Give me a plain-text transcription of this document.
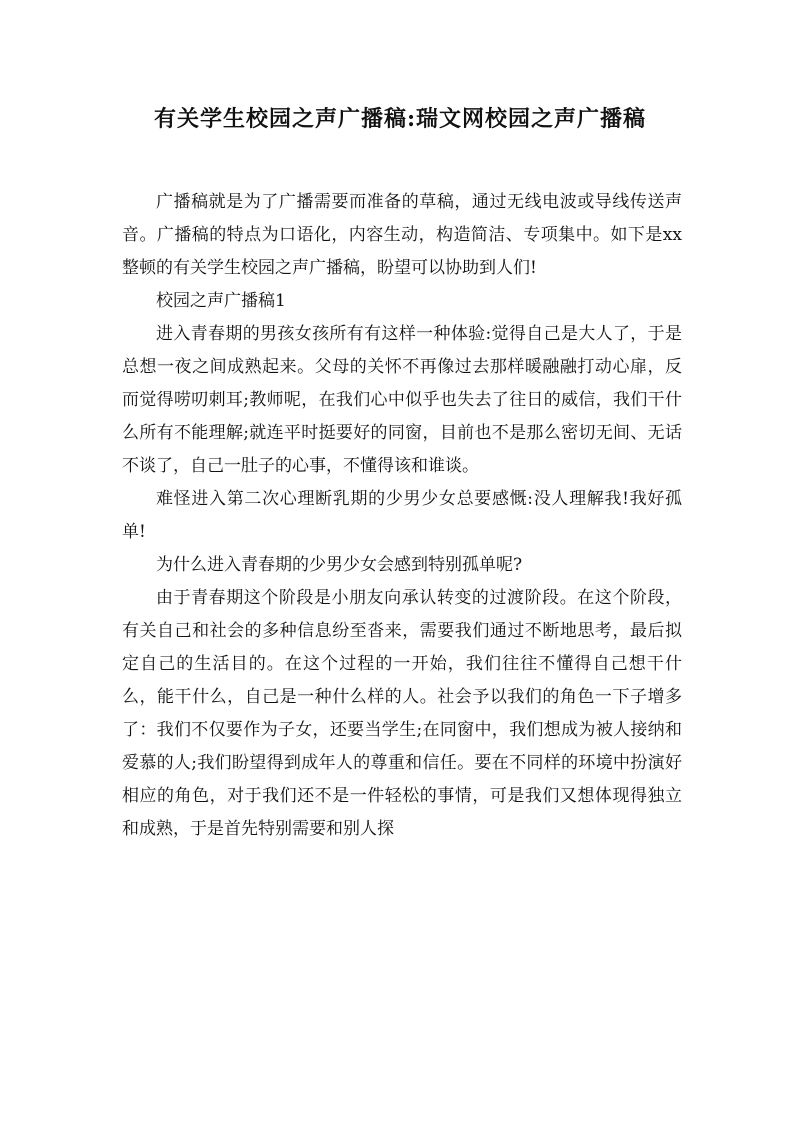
有关学生校园之声广播稿:瑞文网校园之声广播稿

广播稿就是为了广播需要而准备的草稿，通过无线电波或导线传送声音。广播稿的特点为口语化，内容生动，构造简洁、专项集中。如下是xx整顿的有关学生校园之声广播稿，盼望可以协助到人们!

校园之声广播稿1

进入青春期的男孩女孩所有有这样一种体验:觉得自己是大人了，于是总想一夜之间成熟起来。父母的关怀不再像过去那样暖融融打动心扉，反而觉得唠叨刺耳;教师呢，在我们心中似乎也失去了往日的威信，我们干什么所有不能理解;就连平时挺要好的同窗，目前也不是那么密切无间、无话不谈了，自己一肚子的心事，不懂得该和谁谈。

难怪进入第二次心理断乳期的少男少女总要感慨:没人理解我!我好孤单!

为什么进入青春期的少男少女会感到特别孤单呢?

由于青春期这个阶段是小朋友向承认转变的过渡阶段。在这个阶段，有关自己和社会的多种信息纷至沓来，需要我们通过不断地思考，最后拟定自己的生活目的。在这个过程的一开始，我们往往不懂得自己想干什么，能干什么，自己是一种什么样的人。社会予以我们的角色一下子增多了：我们不仅要作为子女，还要当学生;在同窗中，我们想成为被人接纳和爱慕的人;我们盼望得到成年人的尊重和信任。要在不同样的环境中扮演好相应的角色，对于我们还不是一件轻松的事情，可是我们又想体现得独立和成熟，于是首先特别需要和别人探
